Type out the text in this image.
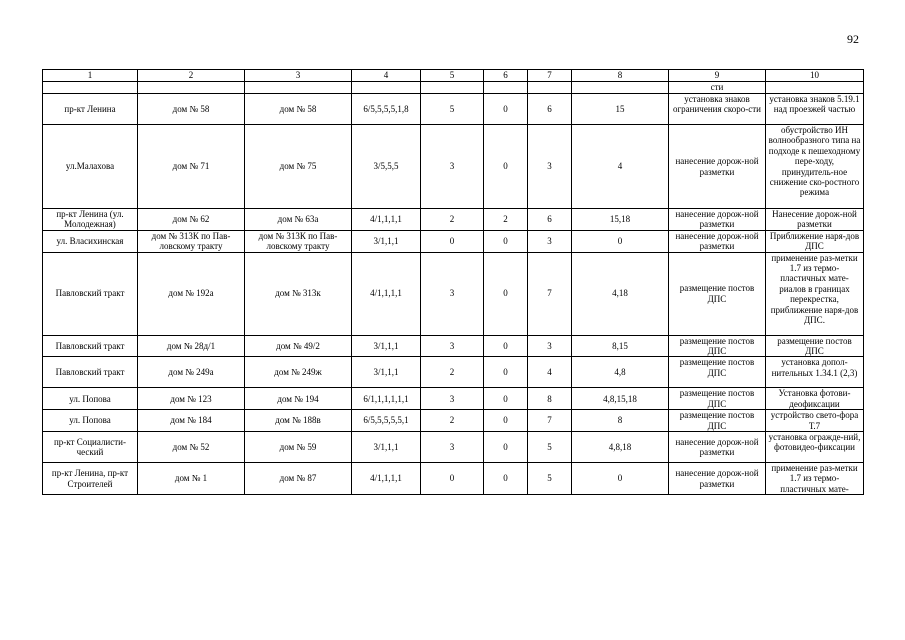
92
1	2	3	4	5	6	7	8	9	10
								сти	
пр-кт Ленина	дом № 58	дом № 58	6/5,5,5,5,1,8	5	0	6	15	установка знаков ограничения скоро-сти	установка знаков 5.19.1 над проезжей частью
ул.Малахова	дом № 71	дом № 75	3/5,5,5	3	0	3	4	нанесение дорож-ной разметки	обустройство ИН волнообразного типа на подходе к пешеходному пере-ходу, принудитель-ное снижение ско-ростного режима
пр-кт Ленина (ул. Молодежная)	дом № 62	дом № 63а	4/1,1,1,1	2	2	6	15,18	нанесение дорож-ной разметки	Нанесение дорож-ной разметки
ул. Власихинская	дом № 313К по Пав-ловскому тракту	дом № 313К по Пав-ловскому тракту	3/1,1,1	0	0	3	0	нанесение дорож-ной разметки	Приближение наря-дов ДПС
Павловский тракт	дом № 192а	дом № 313к	4/1,1,1,1	3	0	7	4,18	размещение постов ДПС	применение раз-метки 1.7 из термо-пластичных мате-риалов в границах перекрестка, приближение наря-дов ДПС.
Павловский тракт	дом № 28д/1	дом № 49/2	3/1,1,1	3	0	3	8,15	размещение постов ДПС	размещение постов ДПС
Павловский тракт	дом № 249а	дом № 249ж	3/1,1,1	2	0	4	4,8	размещение постов ДПС	установка допол-нительных 1.34.1 (2,3)
ул. Попова	дом № 123	дом № 194	6/1,1,1,1,1,1	3	0	8	4,8,15,18	размещение постов ДПС	Установка фотови-деофиксации
ул. Попова	дом № 184	дом № 188в	6/5,5,5,5,5,1	2	0	7	8	размещение постов ДПС	устройство свето-фора Т.7
пр-кт Социалисти-ческий	дом № 52	дом № 59	3/1,1,1	3	0	5	4,8,18	нанесение дорож-ной разметки	установка огражде-ний, фотовидео-фиксации
пр-кт Ленина, пр-кт Строителей	дом № 1	дом № 87	4/1,1,1,1	0	0	5	0	нанесение дорож-ной разметки	применение раз-метки 1.7 из термо-пластичных мате-
